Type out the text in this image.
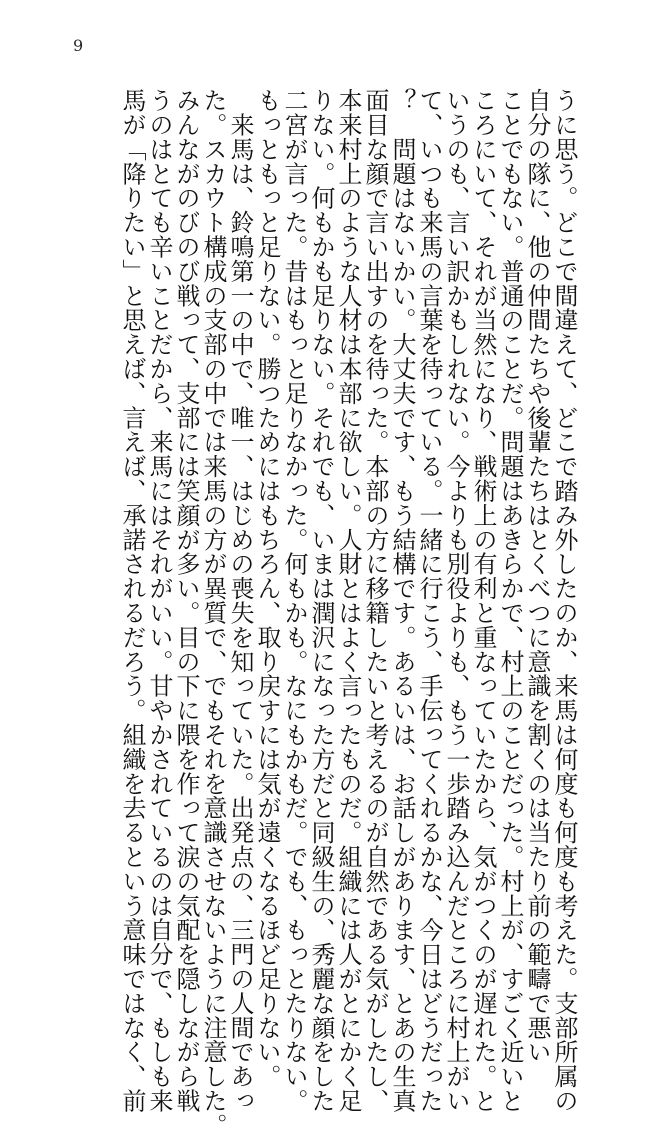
9
うに思う。どこで間違えて、どこで踏み外したのか、来馬は何度も何度も考えた。支部所属の
自分の隊に、他の仲間たちや後輩たちはとくべつに意識を割くのは当たり前の範疇で悪い
ことでもない。普通のことだ。問題はあきらかで、村上のことだった。村上が、すごく近いと
ころにいて、それが当然になり、戦術上の有利と重なっていたから、気がつくのが遅れた。と
いうのも、言い訳かもしれない。今よりも別役よりも、もう一歩踏み込んだところに村上がい
て、いつも来馬の言葉を待っている。一緒に行こう、手伝ってくれるかな、今日はどうだった
？　問題はないかい。大丈夫です、もう結構です。あるいは、お話しがあります、とあの生真
面目な顔で言い出すのを待った。本部の方に移籍したいと考えるのが自然である気がしたし、
本来村上のような人材は本部に欲しい。人財とはよく言ったものだ。組織には人がとにかく足
りない。何もかも足りない。それでも、いまは潤沢になった方だと同級生の、秀麗な顔をした
二宮が言った。昔はもっと足りなかった。何もかも。なにもかもだ。でも、もっとたりない。
もっともっと足りない。勝つためにはもちろん、取り戻すには気が遠くなるほど足りない。
　来馬は、鈴鳴第一の中で、唯一、はじめの喪失を知っていた。出発点の、三門の人間であっ
た。スカウト構成の支部の中では来馬の方が異質で、でもそれを意識させないように注意した。
みんながのびのび戦って、支部には笑顔が多い。目の下に隈を作って涙の気配を隠しながら戦
うのはとても辛いことだから、来馬にはそれがいい。甘やかされているのは自分で、もしも来
馬が「降りたい」と思えば、言えば、承諾されるだろう。組織を去るという意味ではなく、前
